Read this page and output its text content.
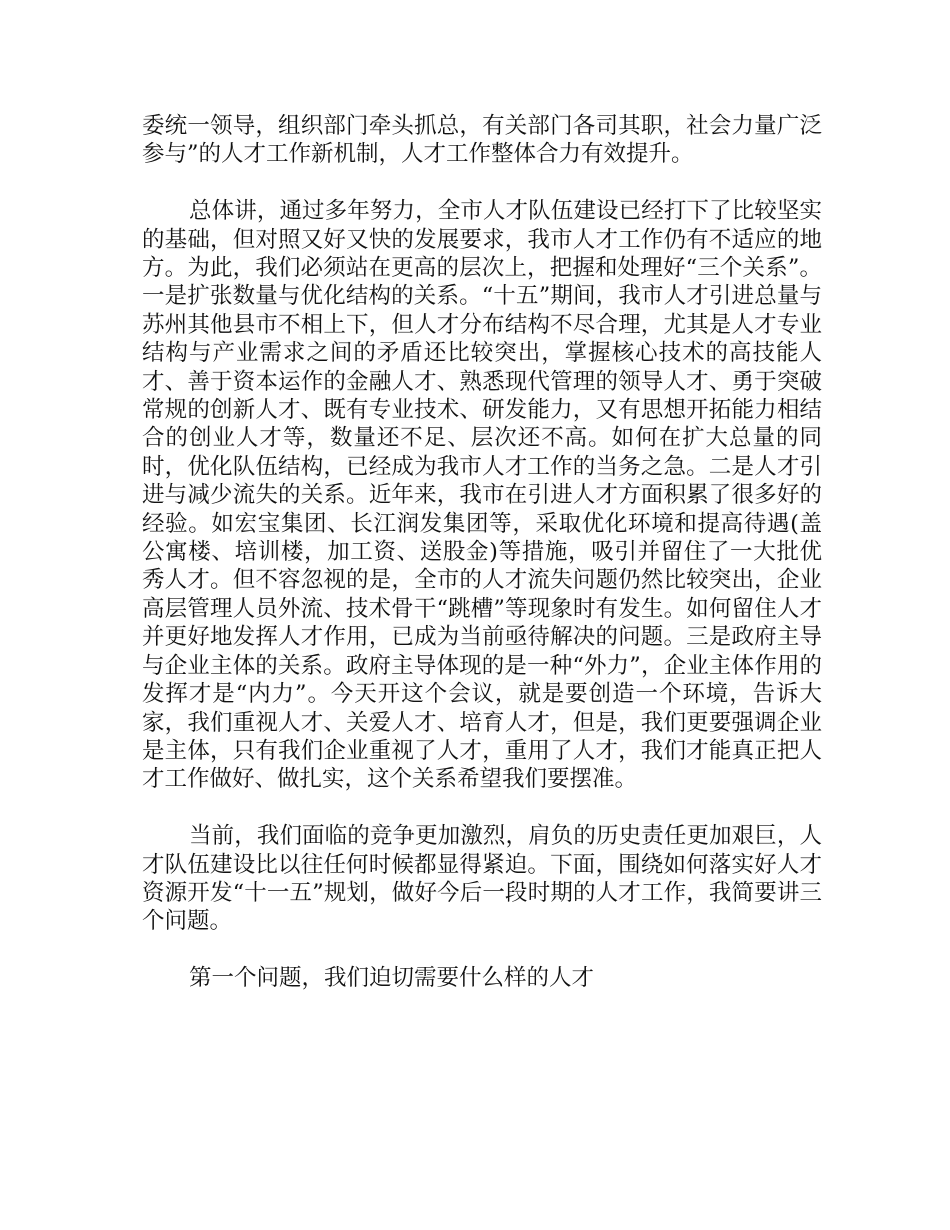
委统一领导，组织部门牵头抓总，有关部门各司其职，社会力量广泛参与”的人才工作新机制，人才工作整体合力有效提升。

总体讲，通过多年努力，全市人才队伍建设已经打下了比较坚实的基础，但对照又好又快的发展要求，我市人才工作仍有不适应的地方。为此，我们必须站在更高的层次上，把握和处理好“三个关系”。一是扩张数量与优化结构的关系。“十五”期间，我市人才引进总量与苏州其他县市不相上下，但人才分布结构不尽合理，尤其是人才专业结构与产业需求之间的矛盾还比较突出，掌握核心技术的高技能人才、善于资本运作的金融人才、熟悉现代管理的领导人才、勇于突破常规的创新人才、既有专业技术、研发能力，又有思想开拓能力相结合的创业人才等，数量还不足、层次还不高。如何在扩大总量的同时，优化队伍结构，已经成为我市人才工作的当务之急。二是人才引进与减少流失的关系。近年来，我市在引进人才方面积累了很多好的经验。如宏宝集团、长江润发集团等，采取优化环境和提高待遇(盖公寓楼、培训楼，加工资、送股金)等措施，吸引并留住了一大批优秀人才。但不容忽视的是，全市的人才流失问题仍然比较突出，企业高层管理人员外流、技术骨干“跳槽”等现象时有发生。如何留住人才并更好地发挥人才作用，已成为当前亟待解决的问题。三是政府主导与企业主体的关系。政府主导体现的是一种“外力”，企业主体作用的发挥才是“内力”。今天开这个会议，就是要创造一个环境，告诉大家，我们重视人才、关爱人才、培育人才，但是，我们更要强调企业是主体，只有我们企业重视了人才，重用了人才，我们才能真正把人才工作做好、做扎实，这个关系希望我们要摆准。

当前，我们面临的竞争更加激烈，肩负的历史责任更加艰巨，人才队伍建设比以往任何时候都显得紧迫。下面，围绕如何落实好人才资源开发“十一五”规划，做好今后一段时期的人才工作，我简要讲三个问题。

第一个问题，我们迫切需要什么样的人才
